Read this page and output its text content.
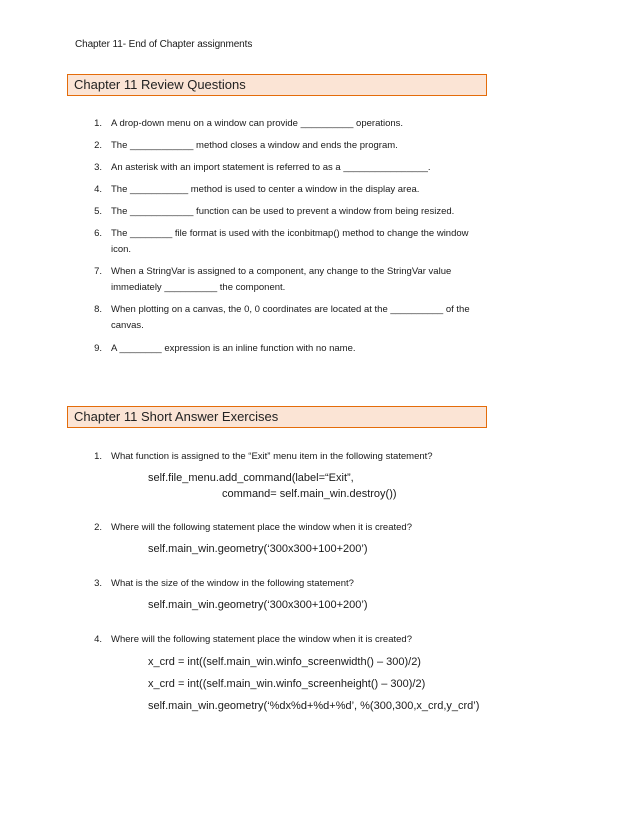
Chapter 11- End of Chapter assignments
Chapter 11 Review Questions
1. A drop-down menu on a window can provide __________ operations.
2. The ____________ method closes a window and ends the program.
3. An asterisk with an import statement is referred to as a ________________.
4. The ___________ method is used to center a window in the display area.
5. The ____________ function can be used to prevent a window from being resized.
6. The ________ file format is used with the iconbitmap() method to change the window icon.
7. When a StringVar is assigned to a component, any change to the StringVar value immediately __________ the component.
8. When plotting on a canvas, the 0, 0 coordinates are located at the __________ of the canvas.
9. A ________ expression is an inline function with no name.
Chapter 11 Short Answer Exercises
1. What function is assigned to the “Exit” menu item in the following statement?
self.file_menu.add_command(label=“Exit”,
command= self.main_win.destroy())
2. Where will the following statement place the window when it is created?
self.main_win.geometry(‘300x300+100+200’)
3. What is the size of the window in the following statement?
self.main_win.geometry(‘300x300+100+200’)
4. Where will the following statement place the window when it is created?
x_crd = int((self.main_win.winfo_screenwidth() – 300)/2)
x_crd = int((self.main_win.winfo_screenheight() – 300)/2)
self.main_win.geometry(‘%dx%d+%d+%d’, %(300,300,x_crd,y_crd’)
